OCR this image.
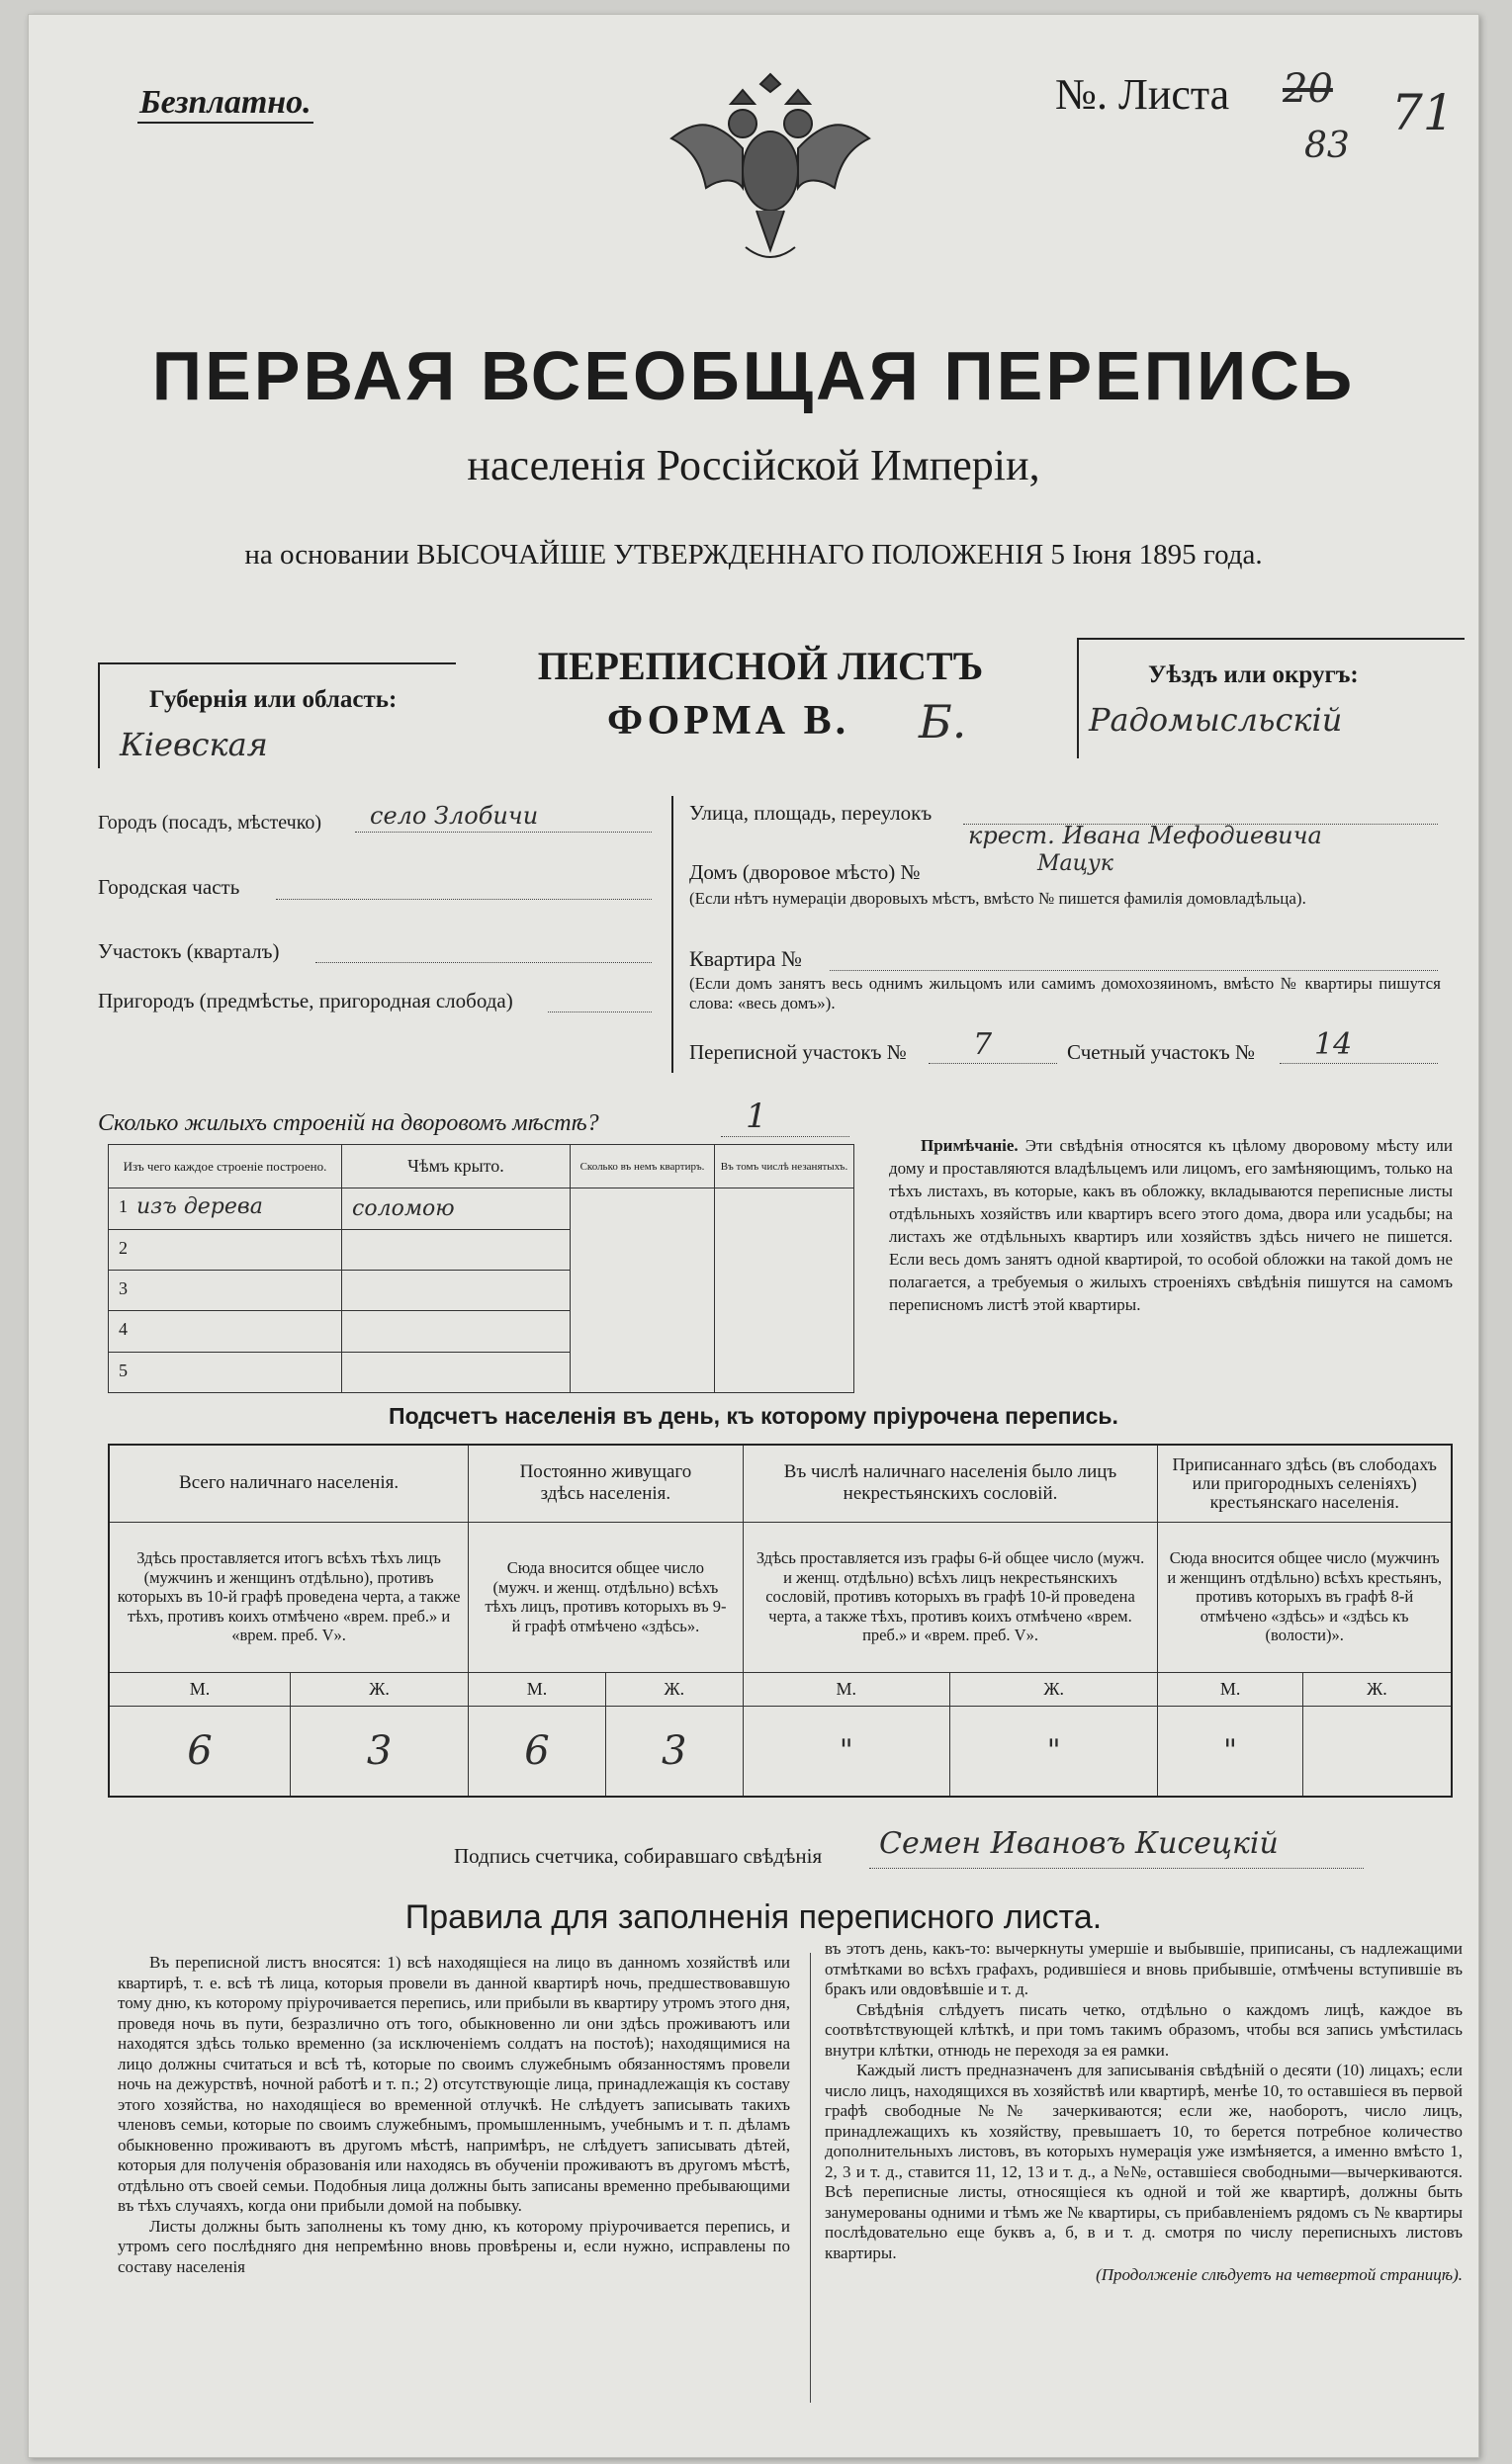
Безплатно.	№. Листа 20
83
71
ПЕРВАЯ ВСЕОБЩАЯ ПЕРЕПИСЬ
населенія Россійской Имперіи,
на основании ВЫСОЧАЙШЕ УТВЕРЖДЕННАГО ПОЛОЖЕНІЯ 5 Іюня 1895 года.
ПЕРЕПИСНОЙ ЛИСТЪ
ФОРМА В. Б.
Губернія или область:
Кіевская
Уѣздъ или округъ:
Радомысльскій
Городъ (посадъ, мѣстечко) село Злобичи
Городская часть
Участокъ (кварталъ)
Пригородъ (предмѣстье, пригородная слобода)
Улица, площадь, переулокъ
Домъ (дворовое мѣсто) №
крест. Ивана Мефодиевича
Мацук
(Если нѣтъ нумераціи дворовыхъ мѣстъ, вмѣсто № пишется фамилія домовладѣльца).
Квартира №
(Если домъ занятъ весь однимъ жильцомъ или самимъ домохозяиномъ, вмѣсто № квартиры пишутся слова: «весь домъ»).
Переписной участокъ № 7	Счетный участокъ № 14
Сколько жилыхъ строеній на дворовомъ мѣстѣ?	1
Изъ чего каждое строеніе построено.	Чѣмъ крыто.	Сколько въ немъ квартиръ.	Въ томъ числѣ незанятыхъ.

1 изъ дерева	соломою		

2			

3			

4			

5			

Примѣчаніе. Эти свѣдѣнія относятся къ цѣлому дворовому мѣсту или дому и проставляются владѣльцемъ или лицомъ, его замѣняющимъ, только на тѣхъ листахъ, въ которые, какъ въ обложку, вкладываются переписные листы отдѣльныхъ хозяйствъ или квартиръ всего этого дома, двора или усадьбы; на листахъ же отдѣльныхъ квартиръ или хозяйствъ здѣсь ничего не пишется. Если весь домъ занятъ одной квартирой, то особой обложки на такой домъ не полагается, а требуемыя о жилыхъ строеніяхъ свѣдѣнія пишутся на самомъ переписномъ листѣ этой квартиры.

Подсчетъ населенія въ день, къ которому пріурочена перепись.
Всего наличнаго населенія.		Постоянно живущаго здѣсь населенія.		Въ числѣ наличнаго населенія было лицъ некрестьянскихъ сословій.		Приписаннаго здѣсь (въ слободахъ или пригородныхъ селеніяхъ) крестьянскаго населенія.	
Здѣсь проставляется итогъ всѣхъ тѣхъ лицъ (мужчинъ и женщинъ отдѣльно), противъ которыхъ въ 10-й графѣ проведена черта, а также тѣхъ, противъ коихъ отмѣчено «врем. преб.» и «врем. преб. V».		Сюда вносится общее число (мужч. и женщ. отдѣльно) всѣхъ тѣхъ лицъ, противъ которыхъ въ 9-й графѣ отмѣчено «здѣсь».		Здѣсь проставляется изъ графы 6-й общее число (мужч. и женщ. отдѣльно) всѣхъ лицъ некрестьянскихъ сословій, противъ которыхъ въ графѣ 10-й проведена черта, а также тѣхъ, противъ коихъ отмѣчено «врем. преб.» и «врем. преб. V».		Сюда вносится общее число (мужчинъ и женщинъ отдѣльно) всѣхъ крестьянъ, противъ которыхъ въ графѣ 8-й отмѣчено «здѣсь» и «здѣсь къ (волости)».	
М.	Ж.	М.	Ж.	М.	Ж.	М.	Ж.
6	3	6	3	"	"	"	
Подпись счетчика, собиравшаго свѣдѣнія Семен Ивановъ Кисецкій
Правила для заполненія переписного листа.

Въ переписной листъ вносятся: 1) всѣ находящіеся на лицо въ данномъ хозяйствѣ или квартирѣ, т. е. всѣ тѣ лица, которыя провели въ данной квартирѣ ночь, предшествовавшую тому дню, къ которому пріурочивается перепись, или прибыли въ квартиру утромъ этого дня, проведя ночь въ пути, безразлично отъ того, обыкновенно ли они здѣсь проживаютъ или находятся здѣсь только временно (за исключеніемъ солдатъ на постоѣ); находящимися на лицо должны считаться и всѣ тѣ, которые по своимъ служебнымъ обязанностямъ провели ночь на дежурствѣ, ночной работѣ и т. п.; 2) отсутствующіе лица, принадлежащія къ составу этого хозяйства, но находящіеся во временной отлучкѣ. Не слѣдуетъ записывать такихъ членовъ семьи, которые по своимъ служебнымъ, промышленнымъ, учебнымъ и т. п. дѣламъ обыкновенно проживаютъ въ другомъ мѣстѣ, напримѣръ, не слѣдуетъ записывать дѣтей, которыя для полученія образованія или находясь въ обученіи проживаютъ въ другомъ мѣстѣ, отдѣльно отъ своей семьи. Подобныя лица должны быть записаны временно пребывающими въ тѣхъ случаяхъ, когда они прибыли домой на побывку.

Листы должны быть заполнены къ тому дню, къ которому пріурочивается перепись, и утромъ сего послѣдняго дня непремѣнно вновь провѣрены и, если нужно, исправлены по составу населенія

въ этотъ день, какъ-то: вычеркнуты умершіе и выбывшіе, приписаны, съ надлежащими отмѣтками во всѣхъ графахъ, родившіеся и вновь прибывшіе, отмѣчены вступившіе въ бракъ или овдовѣвшіе и т. д.

Свѣдѣнія слѣдуетъ писать четко, отдѣльно о каждомъ лицѣ, каждое въ соотвѣтствующей клѣткѣ, и при томъ такимъ образомъ, чтобы вся запись умѣстилась внутри клѣтки, отнюдь не переходя за ея рамки.

Каждый листъ предназначенъ для записыванія свѣдѣній о десяти (10) лицахъ; если число лицъ, находящихся въ хозяйствѣ или квартирѣ, менѣе 10, то оставшіеся въ первой графѣ свободные №№ зачеркиваются; если же, наоборотъ, число лицъ, принадлежащихъ къ хозяйству, превышаетъ 10, то берется потребное количество дополнительныхъ листовъ, въ которыхъ нумерація уже измѣняется, а именно вмѣсто 1, 2, 3 и т. д., ставится 11, 12, 13 и т. д., а №№, оставшіеся свободными—вычеркиваются. Всѣ переписные листы, относящіеся къ одной и той же квартирѣ, должны быть занумерованы одними и тѣмъ же № квартиры, съ прибавленіемъ рядомъ съ № квартиры послѣдовательно еще буквъ а, б, в и т. д. смотря по числу переписныхъ листовъ квартиры.

(Продолженіе слѣдуетъ на четвертой страницѣ).
